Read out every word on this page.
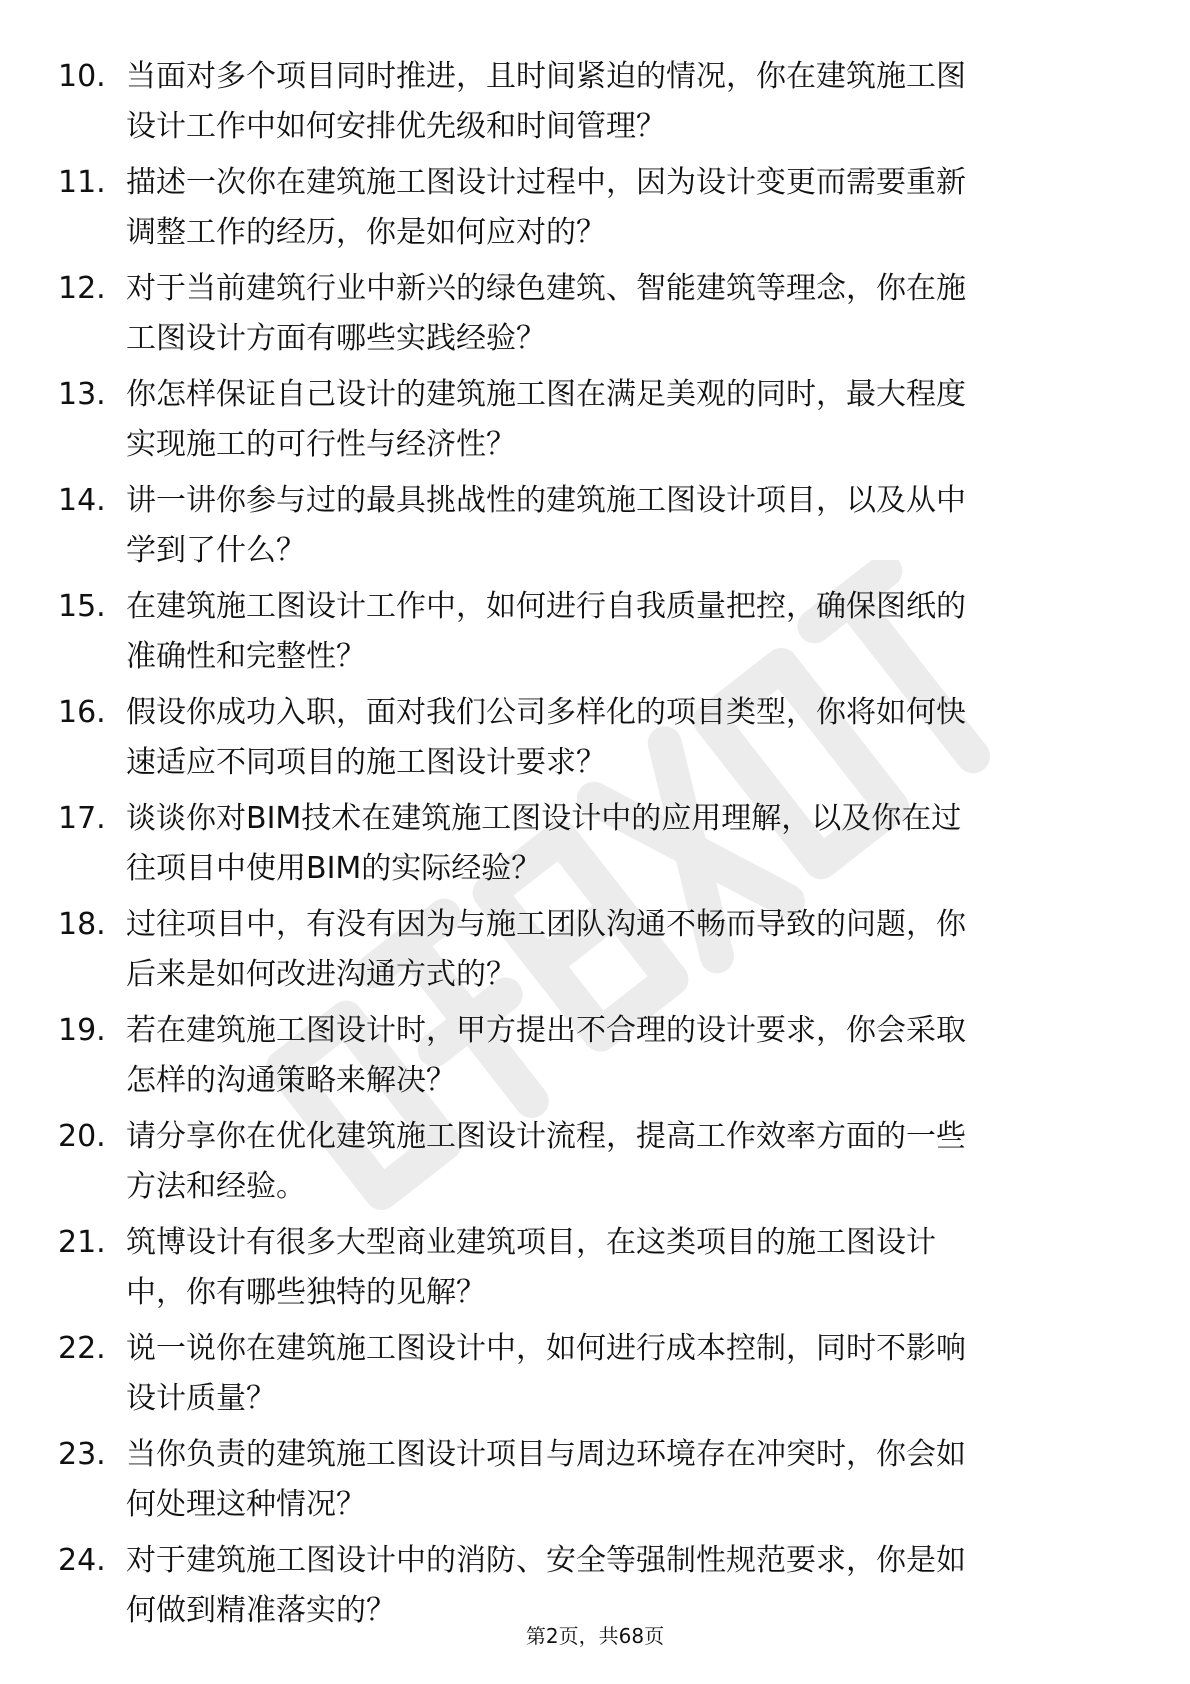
10. 当面对多个项目同时推进，且时间紧迫的情况，你在建筑施工图
设计工作中如何安排优先级和时间管理？
11. 描述一次你在建筑施工图设计过程中，因为设计变更而需要重新
调整工作的经历，你是如何应对的？
12. 对于当前建筑行业中新兴的绿色建筑、智能建筑等理念，你在施
工图设计方面有哪些实践经验？
13. 你怎样保证自己设计的建筑施工图在满足美观的同时，最大程度
实现施工的可行性与经济性？
14. 讲一讲你参与过的最具挑战性的建筑施工图设计项目，以及从中
学到了什么？
15. 在建筑施工图设计工作中，如何进行自我质量把控，确保图纸的
准确性和完整性？
16. 假设你成功入职，面对我们公司多样化的项目类型，你将如何快
速适应不同项目的施工图设计要求？
17. 谈谈你对BIM技术在建筑施工图设计中的应用理解，以及你在过
往项目中使用BIM的实际经验？
18. 过往项目中，有没有因为与施工团队沟通不畅而导致的问题，你
后来是如何改进沟通方式的？
19. 若在建筑施工图设计时，甲方提出不合理的设计要求，你会采取
怎样的沟通策略来解决？
20. 请分享你在优化建筑施工图设计流程，提高工作效率方面的一些
方法和经验。
21. 筑博设计有很多大型商业建筑项目，在这类项目的施工图设计
中，你有哪些独特的见解？
22. 说一说你在建筑施工图设计中，如何进行成本控制，同时不影响
设计质量？
23. 当你负责的建筑施工图设计项目与周边环境存在冲突时，你会如
何处理这种情况？
24. 对于建筑施工图设计中的消防、安全等强制性规范要求，你是如
何做到精准落实的？
第2页，共68页
